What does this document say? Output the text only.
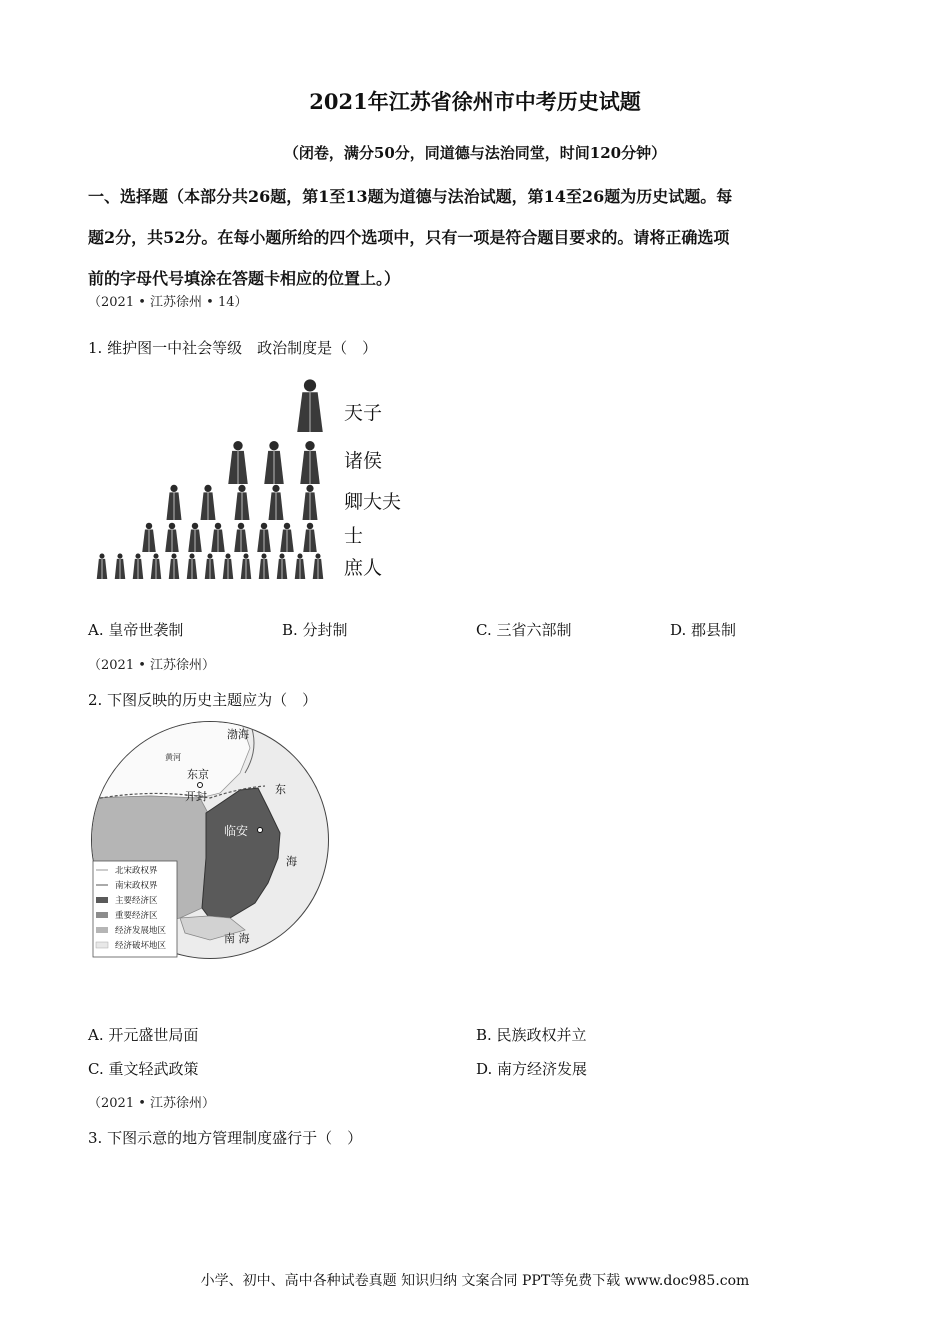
2021年江苏省徐州市中考历史试题
（闭卷，满分50分，同道德与法治同堂，时间120分钟）
一、选择题（本部分共26题，第1至13题为道德与法治试题，第14至26题为历史试题。每
题2分，共52分。在每小题所给的四个选项中，只有一项是符合题目要求的。请将正确选项
前的字母代号填涂在答题卡相应的位置上。）
（2021 • 江苏徐州 • 14）
1. 维护图一中社会等级　政治制度是（　）
天子
诸侯
卿大夫
士
庶人
A. 皇帝世袭制	B. 分封制	C. 三省六部制	D. 郡县制
（2021 • 江苏徐州）
2. 下图反映的历史主题应为（　）
渤海
黄河
东京
开封
临安
东
海
南 海
北宋政权界
南宋政权界
主要经济区
重要经济区
经济发展地区
经济破坏地区
A. 开元盛世局面	B. 民族政权并立
C. 重文轻武政策	D. 南方经济发展
（2021 • 江苏徐州）
3. 下图示意的地方管理制度盛行于（　）
小学、初中、高中各种试卷真题 知识归纳 文案合同 PPT等免费下载 www.doc985.com
